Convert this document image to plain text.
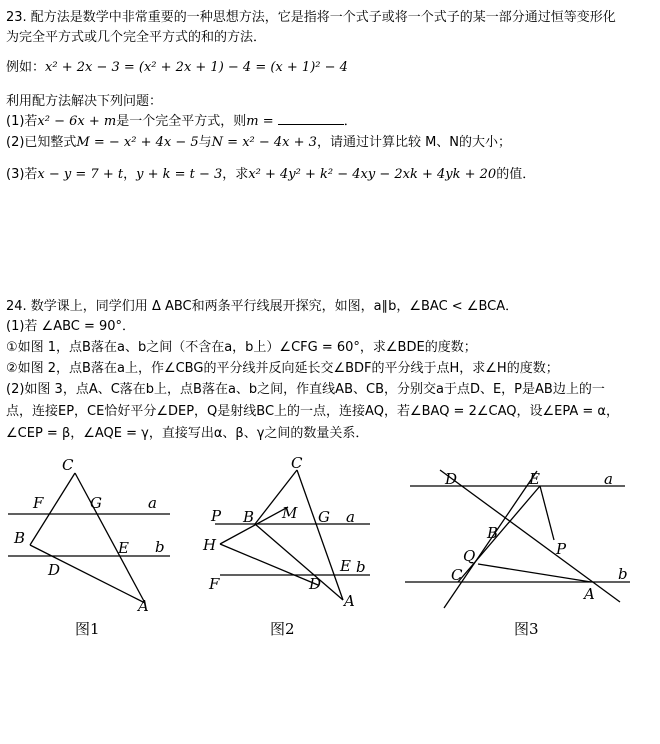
23. 配方法是数学中非常重要的一种思想方法，它是指将一个式子或将一个式子的某一部分通过恒等变形化
为完全平方式或几个完全平方式的和的方法．
例如：x² + 2x − 3 = (x² + 2x + 1) − 4 = (x + 1)² − 4
利用配方法解决下列问题：
(1)若x² − 6x + m是一个完全平方式，则m =	．
(2)已知整式M = − x² + 4x − 5与N = x² − 4x + 3，请通过计算比较 M、N的大小；
(3)若x − y = 7 + t，y + k = t − 3，求x² + 4y² + k² − 4xy − 2xk + 4yk + 20的值．
24. 数学课上，同学们用 Δ ABC和两条平行线展开探究，如图，a∥b，∠BAC < ∠BCA．
(1)若 ∠ABC = 90°．
①如图 1，点B落在a、b之间（不含在a，b上）∠CFG = 60°，求∠BDE的度数；
②如图 2，点B落在a上，作∠CBG的平分线并反向延长交∠BDF的平分线于点H，求∠H的度数；
(2)如图 3，点A、C落在b上，点B落在a、b之间，作直线AB、CB，分别交a于点D、E，P是AB边上的一
点，连接EP，CE恰好平分∠DEP，Q是射线BC上的一点，连接AQ，若∠BAQ = 2∠CAQ，设∠EPA = α，
∠CEP = β，∠AQE = γ，直接写出α、β、γ之间的数量关系．
C
F	G	a
B
E b
D
A
图1
C
P B M G a
H
E b
F	D
A
图2
D	E	a
B
P
Q
C	b
A
图3
